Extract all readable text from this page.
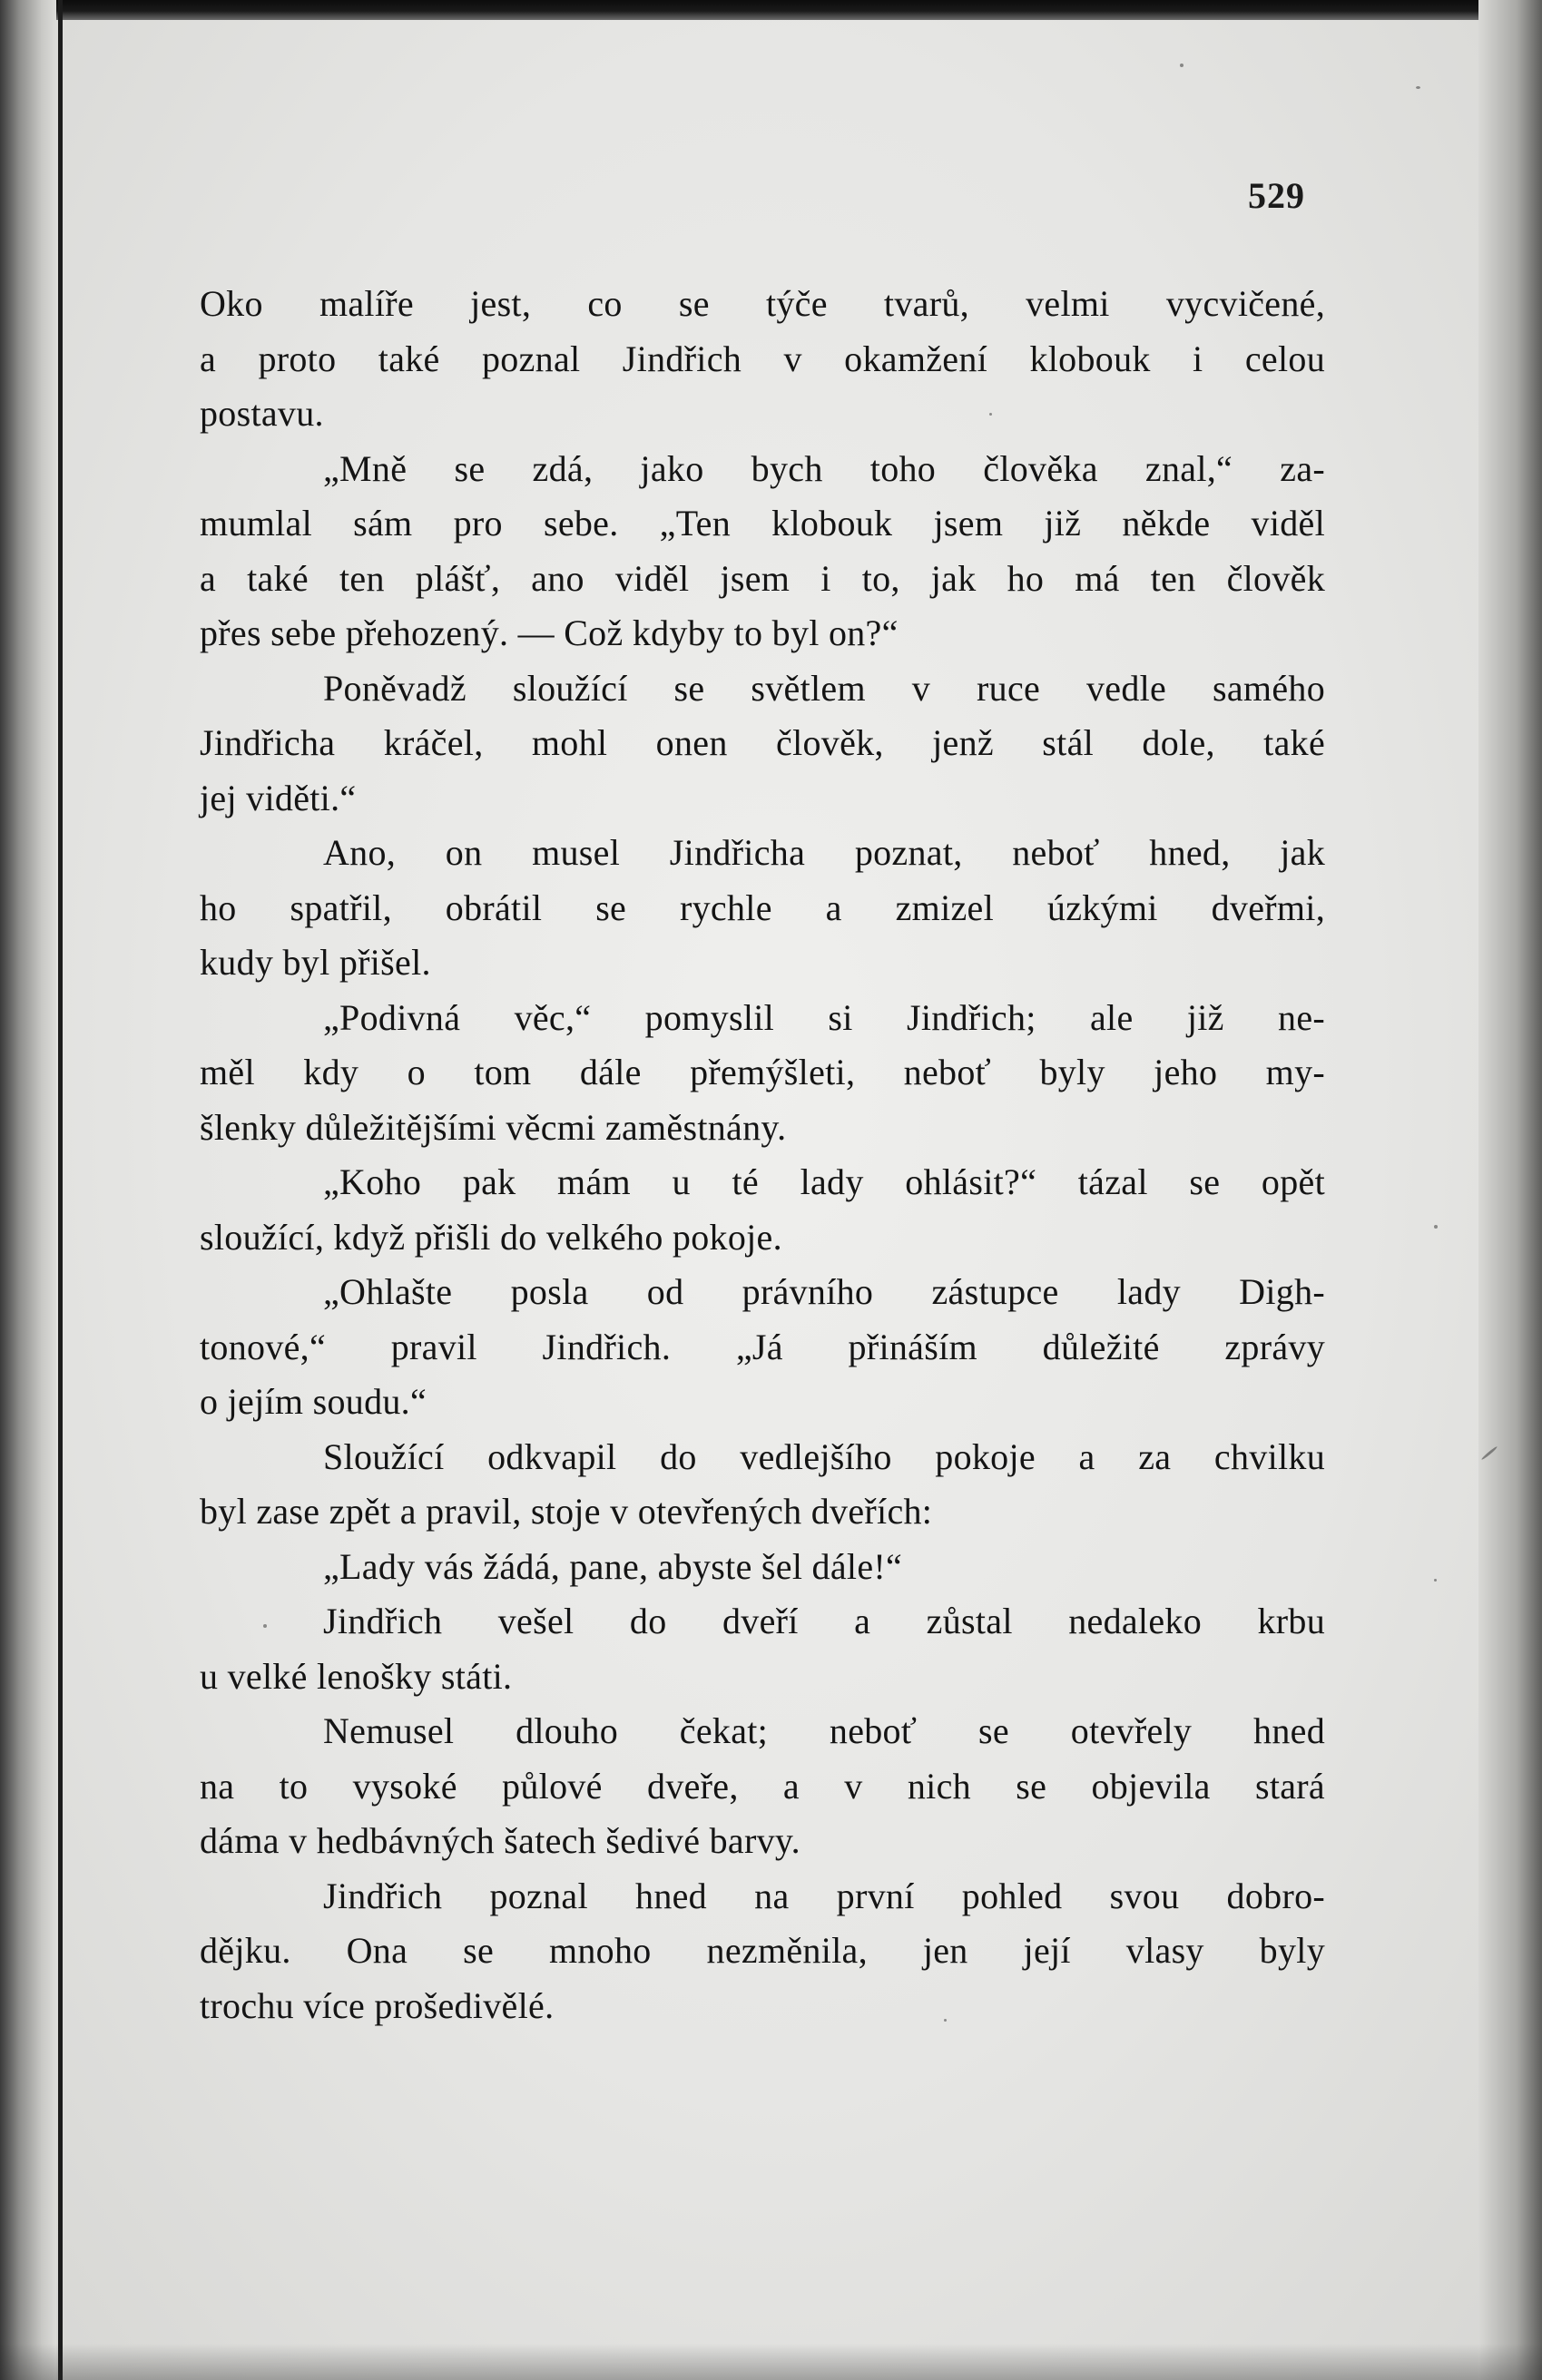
529
Oko malíře jest, co se týče tvarů, velmi vycvičené,
a proto také poznal Jindřich v okamžení klobouk i celou
postavu.
„Mně se zdá, jako bych toho člověka znal,“ za-
mumlal sám pro sebe. „Ten klobouk jsem již někde viděl
a také ten plášť, ano viděl jsem i to, jak ho má ten člověk
přes sebe přehozený. — Což kdyby to byl on?“
Poněvadž sloužící se světlem v ruce vedle samého
Jindřicha kráčel, mohl onen člověk, jenž stál dole, také
jej viděti.“
Ano, on musel Jindřicha poznat, neboť hned, jak
ho spatřil, obrátil se rychle a zmizel úzkými dveřmi,
kudy byl přišel.
„Podivná věc,“ pomyslil si Jindřich; ale již ne-
měl kdy o tom dále přemýšleti, neboť byly jeho my-
šlenky důležitějšími věcmi zaměstnány.
„Koho pak mám u té lady ohlásit?“ tázal se opět
sloužící, když přišli do velkého pokoje.
„Ohlašte posla od právního zástupce lady Digh-
tonové,“ pravil Jindřich. „Já přináším důležité zprávy
o jejím soudu.“
Sloužící odkvapil do vedlejšího pokoje a za chvilku
byl zase zpět a pravil, stoje v otevřených dveřích:
„Lady vás žádá, pane, abyste šel dále!“
Jindřich vešel do dveří a zůstal nedaleko krbu
u velké lenošky státi.
Nemusel dlouho čekat; neboť se otevřely hned
na to vysoké půlové dveře, a v nich se objevila stará
dáma v hedbávných šatech šedivé barvy.
Jindřich poznal hned na první pohled svou dobro-
dějku. Ona se mnoho nezměnila, jen její vlasy byly
trochu více prošedivělé.
